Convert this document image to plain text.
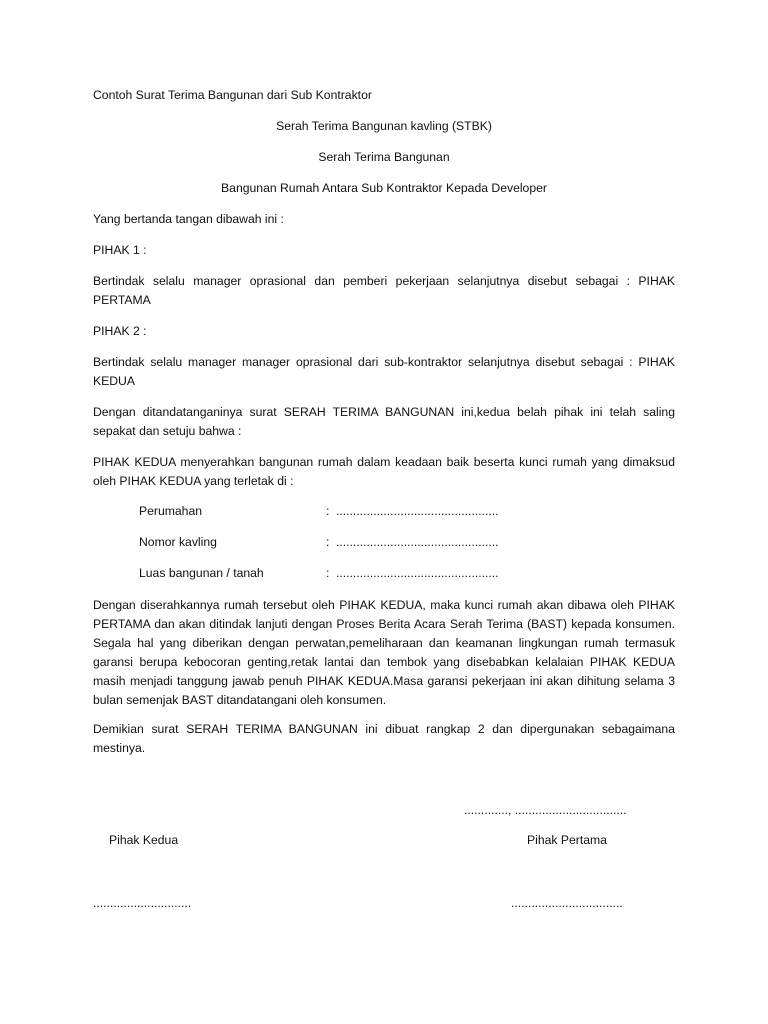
Contoh Surat Terima Bangunan dari Sub Kontraktor

Serah Terima Bangunan kavling (STBK)

Serah Terima Bangunan

Bangunan Rumah Antara Sub Kontraktor Kepada Developer

Yang bertanda tangan dibawah ini :

PIHAK 1 :

Bertindak selalu manager oprasional dan pemberi pekerjaan selanjutnya disebut sebagai : PIHAK PERTAMA

PIHAK 2 :

Bertindak selalu manager manager oprasional dari sub-kontraktor selanjutnya disebut sebagai : PIHAK KEDUA

Dengan ditandatanganinya surat SERAH TERIMA BANGUNAN ini,kedua belah pihak ini telah saling sepakat dan setuju bahwa :

PIHAK KEDUA menyerahkan bangunan rumah dalam keadaan baik beserta kunci rumah yang dimaksud oleh PIHAK KEDUA yang terletak di :

Perumahan	: ................................................
Nomor kavling	: ................................................
Luas bangunan / tanah	: ................................................

Dengan diserahkannya rumah tersebut oleh PIHAK KEDUA, maka kunci rumah akan dibawa oleh PIHAK PERTAMA dan akan ditindak lanjuti dengan Proses Berita Acara Serah Terima (BAST) kepada konsumen. Segala hal yang diberikan dengan perwatan,pemeliharaan dan keamanan lingkungan rumah termasuk garansi berupa kebocoran genting,retak lantai dan tembok yang disebabkan kelalaian PIHAK KEDUA masih menjadi tanggung jawab penuh PIHAK KEDUA.Masa garansi pekerjaan ini akan dihitung selama 3 bulan semenjak BAST ditandatangani oleh konsumen.

Demikian surat SERAH TERIMA BANGUNAN ini dibuat rangkap 2 dan dipergunakan sebagaimana mestinya.

............., .................................

Pihak Kedua	Pihak Pertama

.............................	.................................
